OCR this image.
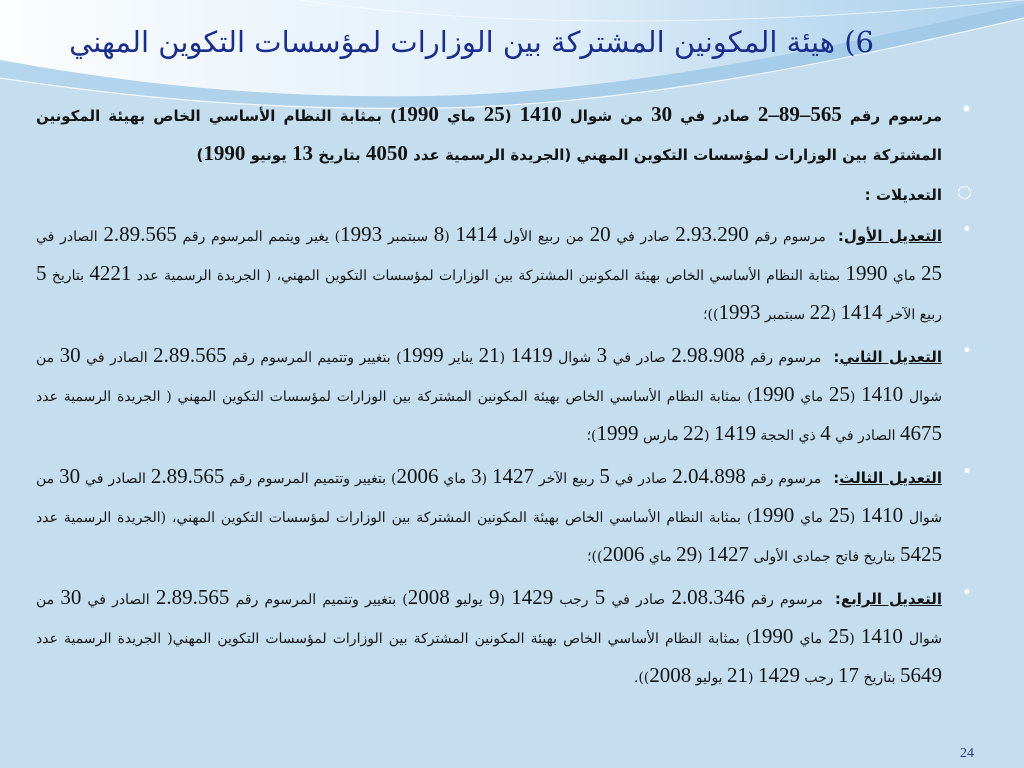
6) هيئة المكونين المشتركة بين الوزارات لمؤسسات التكوين المهني
•
مرسوم رقم 565–89–2 صادر في 30 من شوال 1410 (25 ماي 1990) بمثابة النظام الأساسي الخاص بهيئة المكونين المشتركة بين الوزارات لمؤسسات التكوين المهني (الجريدة الرسمية عدد 4050 بتاريخ 13 يونيو 1990)
○
التعديلات :
•
التعديل الأول:مرسوم رقم 2.93.290 صادر في 20 من ربيع الأول 1414 (8 سبتمبر 1993) يغير ويتمم المرسوم رقم 2.89.565 الصادر في 25 ماي 1990 بمثابة النظام الأساسي الخاص بهيئة المكونين المشتركة بين الوزارات لمؤسسات التكوين المهني، ( الجريدة الرسمية عدد 4221 بتاريخ 5 ربيع الآخر 1414 (22 سبتمبر 1993))؛
•
التعديل الثاني:مرسوم رقم 2.98.908 صادر في 3 شوال 1419 (21 يناير 1999) بتغيير وتتميم المرسوم رقم 2.89.565 الصادر في 30 من شوال 1410 (25 ماي 1990) بمثابة النظام الأساسي الخاص بهيئة المكونين المشتركة بين الوزارات لمؤسسات التكوين المهني ( الجريدة الرسمية عدد 4675 الصادر في 4 ذي الحجة 1419 (22 مارس 1999)؛
•
التعديل الثالث:مرسوم رقم 2.04.898 صادر في 5 ربيع الآخر 1427 (3 ماي 2006) بتغيير وتتميم المرسوم رقم 2.89.565 الصادر في 30 من شوال 1410 (25 ماي 1990) بمثابة النظام الأساسي الخاص بهيئة المكونين المشتركة بين الوزارات لمؤسسات التكوين المهني، (الجريدة الرسمية عدد 5425 بتاريخ فاتح جمادى الأولى 1427 (29 ماي 2006))؛
•
التعديل الرابع:مرسوم رقم 2.08.346 صادر في 5 رجب 1429 (9 يوليو 2008) بتغيير وتتميم المرسوم رقم 2.89.565 الصادر في 30 من شوال 1410 (25 ماي 1990) بمثابة النظام الأساسي الخاص بهيئة المكونين المشتركة بين الوزارات لمؤسسات التكوين المهني( الجريدة الرسمية عدد 5649 بتاريخ 17 رجب 1429 (21 يوليو 2008)).
24
